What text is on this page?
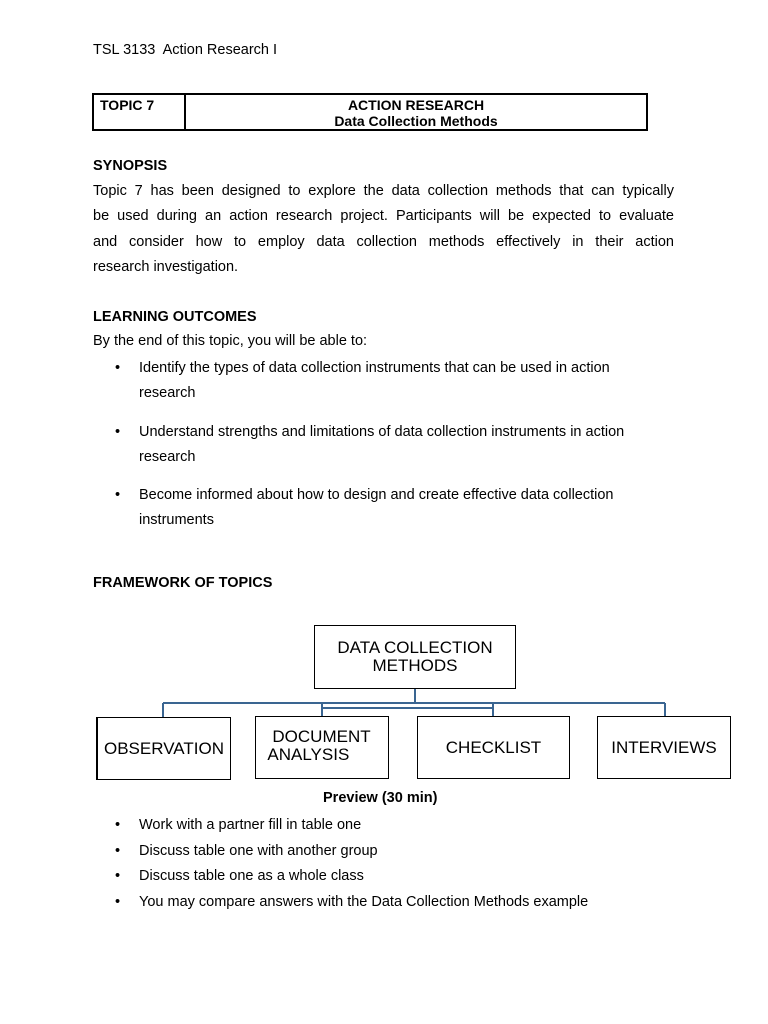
TSL 3133  Action Research I
TOPIC 7	ACTION RESEARCH
Data Collection Methods
SYNOPSIS
Topic 7 has been designed to explore the data collection methods that can typically
be used during an action research project. Participants will be expected to evaluate
and consider how to employ data collection methods effectively in their action
research investigation.
LEARNING OUTCOMES
By the end of this topic, you will be able to:
• Identify the types of data collection instruments that can be used in action
research
• Understand strengths and limitations of data collection instruments in action
research
• Become informed about how to design and create effective data collection
instruments
FRAMEWORK OF TOPICS
DATA COLLECTION
METHODS
OBSERVATION
DOCUMENT
ANALYSIS	CHECKLIST	INTERVIEWS
Preview (30 min)
• Work with a partner fill in table one
• Discuss table one with another group
• Discuss table one as a whole class
• You may compare answers with the Data Collection Methods example
